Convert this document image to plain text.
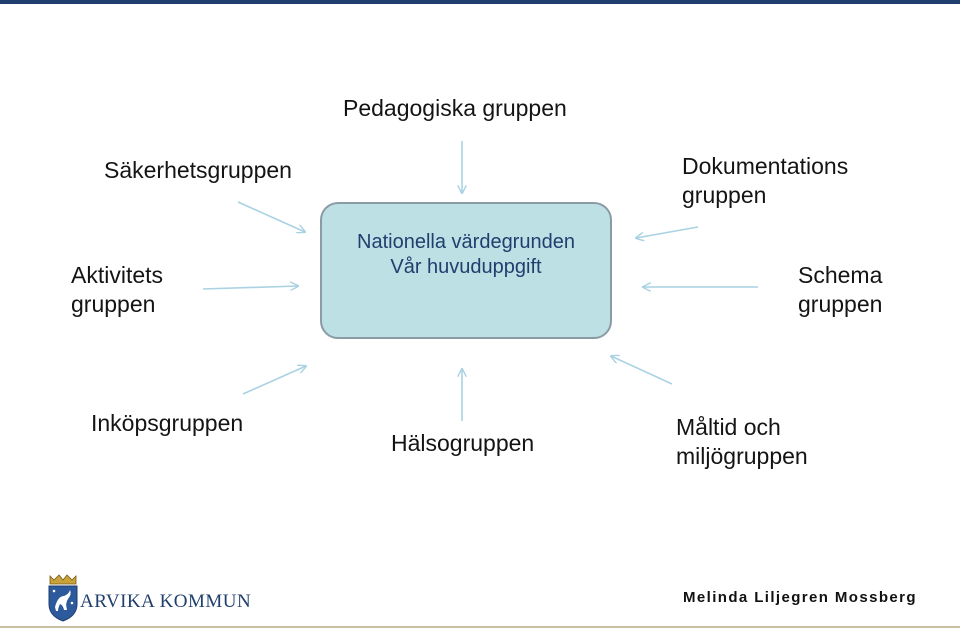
Nationella värdegrunden
Vår huvuduppgift
Pedagogiska gruppen
Säkerhetsgruppen	Dokumentations
gruppen
Aktivitets
gruppen
Schema
gruppen
Inköpsgruppen
Hälsogruppen
Måltid och
miljögruppen
ARVIKA KOMMUN	Melinda Liljegren Mossberg
